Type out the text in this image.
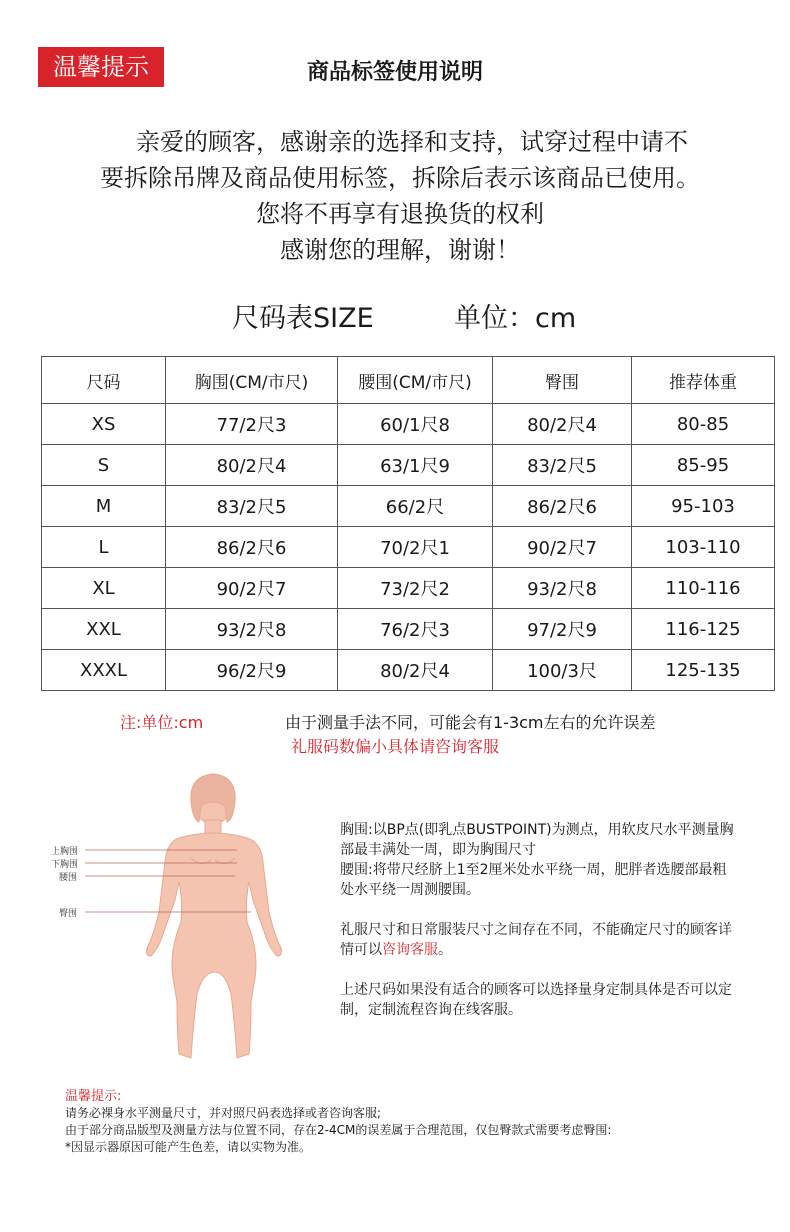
温馨提示	商品标签使用说明

亲爱的顾客，感谢亲的选择和支持，试穿过程中请不

要拆除吊牌及商品使用标签，拆除后表示该商品已使用。

您将不再享有退换货的权利

感谢您的理解，谢谢！

尺码表SIZE	单位：cm
尺码	胸围(CM/市尺)	腰围(CM/市尺)	臀围	推荐体重
XS	77/2尺3	60/1尺8	80/2尺4	80-85
S	80/2尺4	63/1尺9	83/2尺5	85-95
M	83/2尺5	66/2尺	86/2尺6	95-103
L	86/2尺6	70/2尺1	90/2尺7	103-110
XL	90/2尺7	73/2尺2	93/2尺8	110-116
XXL	93/2尺8	76/2尺3	97/2尺9	116-125
XXXL	96/2尺9	80/2尺4	100/3尺	125-135
注:单位:cm	由于测量手法不同，可能会有1-3cm左右的允许误差
礼服码数偏小具体请咨询客服
上胸围
下胸围
腰围
臀围

胸围:以BP点(即乳点BUSTPOINT)为测点，用软皮尺水平测量胸部最丰满处一周，即为胸围尺寸

腰围:将带尺经脐上1至2厘米处水平绕一周，肥胖者选腰部最粗处水平绕一周测腰围。

礼服尺寸和日常服装尺寸之间存在不同，不能确定尺寸的顾客详情可以咨询客服。

上述尺码如果没有适合的顾客可以选择量身定制具体是否可以定制，定制流程咨询在线客服。

温馨提示:
请务必裸身水平测量尺寸，并对照尺码表选择或者咨询客服;
由于部分商品版型及测量方法与位置不同，存在2-4CM的误差属于合理范围，仅包臀款式需要考虑臀围:
*因显示器原因可能产生色差，请以实物为准。
